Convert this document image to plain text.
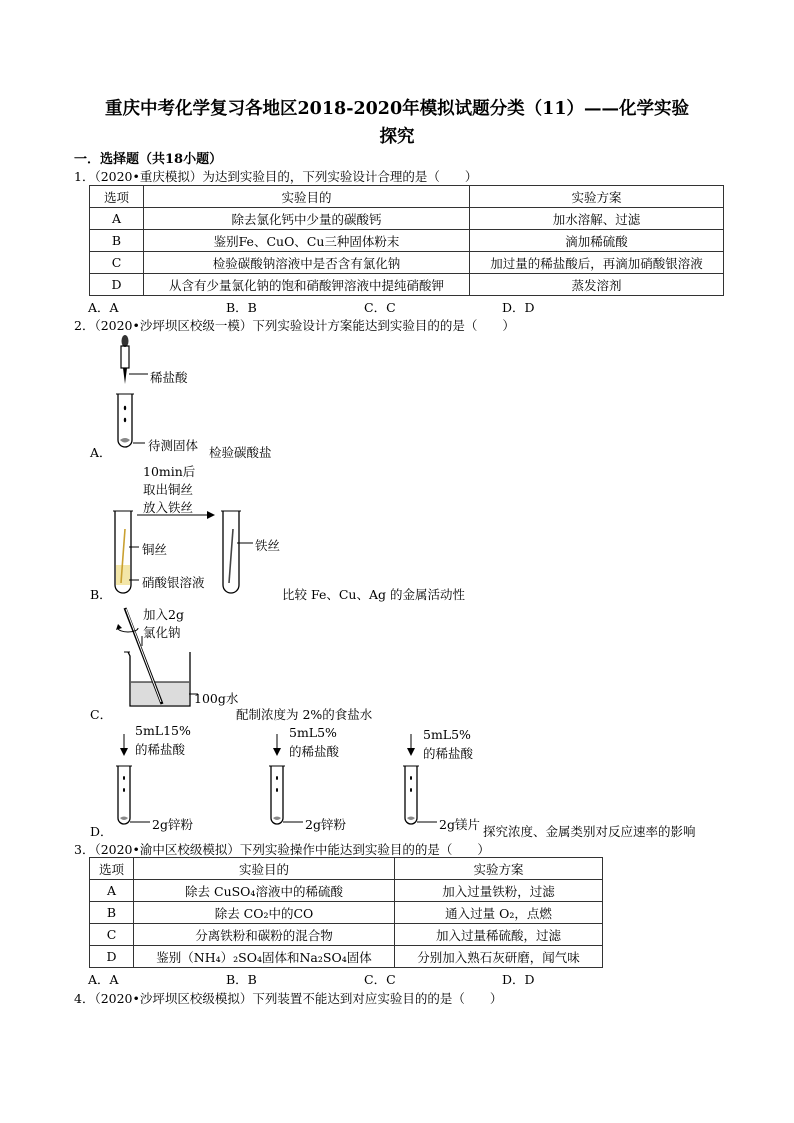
重庆中考化学复习各地区2018-2020年模拟试题分类（11）——化学实验
探究
一．选择题（共18小题）
1．（2020•重庆模拟）为达到实验目的，下列实验设计合理的是（　　）
选项	实验目的	实验方案
A	除去氯化钙中少量的碳酸钙	加水溶解、过滤
B	鉴别Fe、CuO、Cu三种固体粉末	滴加稀硫酸
C	检验碳酸钠溶液中是否含有氯化钠	加过量的稀盐酸后，再滴加硝酸银溶液
D	从含有少量氯化钠的饱和硝酸钾溶液中提纯硝酸钾	蒸发溶剂
A．A	B．B	C．C	D．D
2．（2020•沙坪坝区校级一模）下列实验设计方案能达到实验目的的是（　　）
稀盐酸
待测固体 检验碳酸盐
A．
10min后
取出铜丝
放入铁丝
铜丝
硝酸银溶液
铁丝
比较 Fe、Cu、Ag 的金属活动性
B．
加入2g
氯化钠
100g水
配制浓度为 2%的食盐水
C．
5mL15%
的稀盐酸
5mL5%
的稀盐酸
5mL5%
的稀盐酸
2g锌粉	2g锌粉	2g镁片 探究浓度、金属类别对反应速率的影响
D．
3．（2020•渝中区校级模拟）下列实验操作中能达到实验目的的是（　　）
选项	实验目的	实验方案
A	除去 CuSO₄溶液中的稀硫酸	加入过量铁粉，过滤
B	除去 CO₂中的CO	通入过量 O₂，点燃
C	分离铁粉和碳粉的混合物	加入过量稀硫酸，过滤
D	鉴别（NH₄）₂SO₄固体和Na₂SO₄固体	分别加入熟石灰研磨，闻气味
A．A	B．B	C．C	D．D
4．（2020•沙坪坝区校级模拟）下列装置不能达到对应实验目的的是（　　）
